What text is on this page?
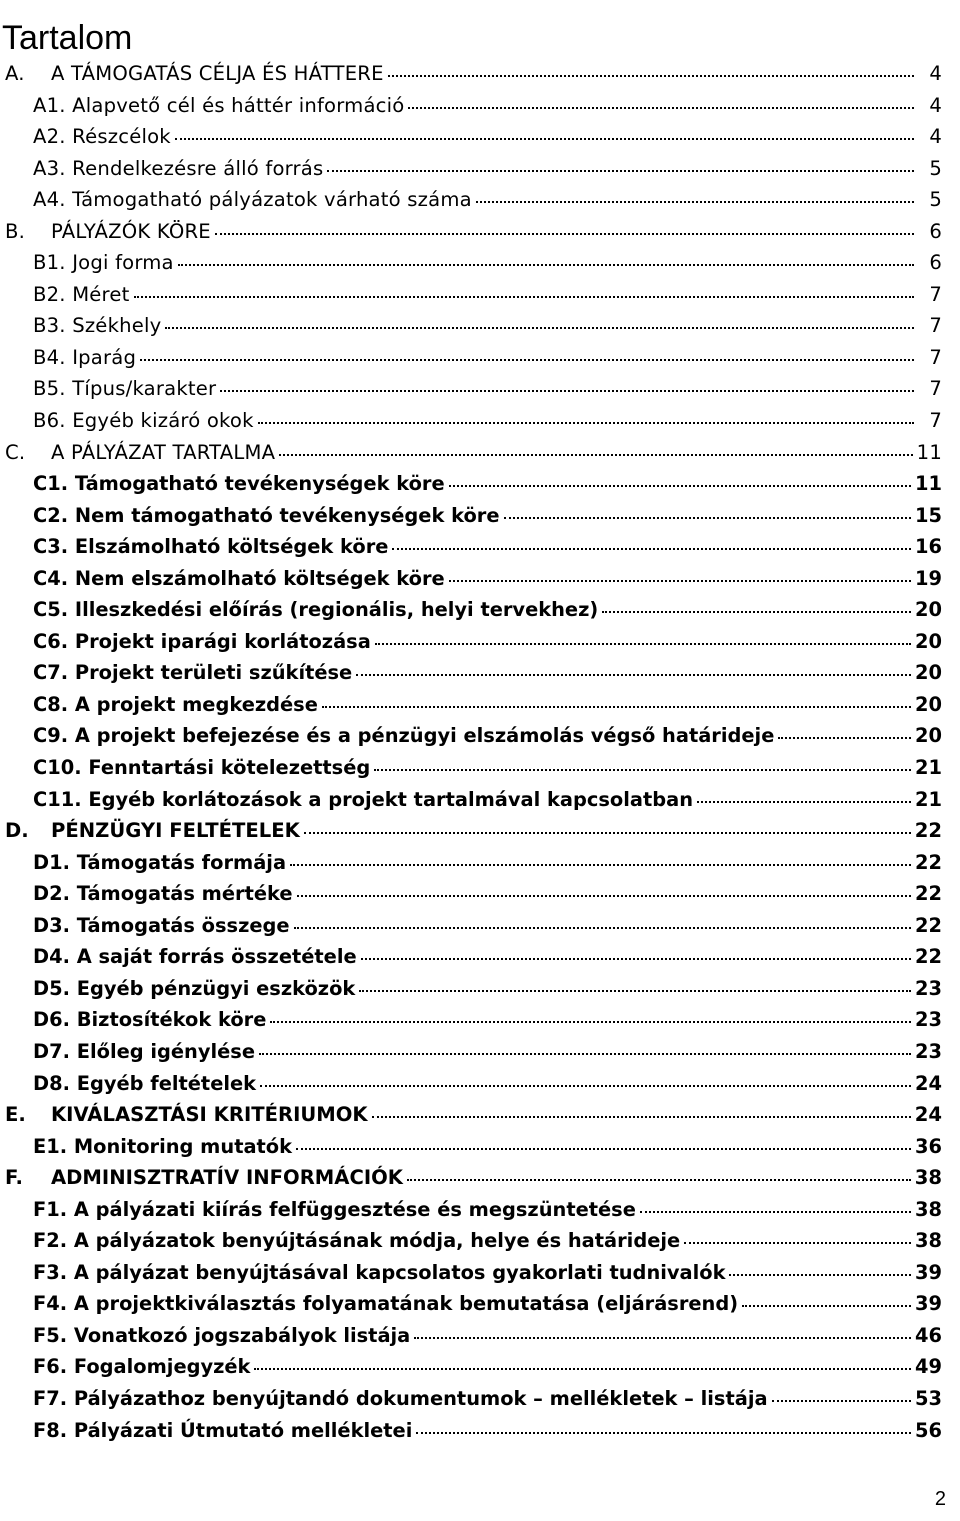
Tartalom
A.	A TÁMOGATÁS CÉLJA ÉS HÁTTERE	4
A1. Alapvető cél és háttér információ	4
A2. Részcélok	4
A3. Rendelkezésre álló forrás	5
A4. Támogatható pályázatok várható száma	5
B.	PÁLYÁZÓK KÖRE	6
B1. Jogi forma	6
B2. Méret	7
B3. Székhely	7
B4. Iparág	7
B5. Típus/karakter	7
B6. Egyéb kizáró okok	7
C.	A PÁLYÁZAT TARTALMA	11
C1. Támogatható tevékenységek köre	11
C2. Nem támogatható tevékenységek köre	15
C3. Elszámolható költségek köre	16
C4. Nem elszámolható költségek köre	19
C5. Illeszkedési előírás (regionális, helyi tervekhez)	20
C6. Projekt iparági korlátozása	20
C7. Projekt területi szűkítése	20
C8. A projekt megkezdése	20
C9. A projekt befejezése és a pénzügyi elszámolás végső határideje	20
C10. Fenntartási kötelezettség	21
C11. Egyéb korlátozások a projekt tartalmával kapcsolatban	21
D.	PÉNZÜGYI FELTÉTELEK	22
D1. Támogatás formája	22
D2. Támogatás mértéke	22
D3. Támogatás összege	22
D4. A saját forrás összetétele	22
D5. Egyéb pénzügyi eszközök	23
D6. Biztosítékok köre	23
D7. Előleg igénylése	23
D8. Egyéb feltételek	24
E.	KIVÁLASZTÁSI KRITÉRIUMOK	24
E1. Monitoring mutatók	36
F.	ADMINISZTRATÍV INFORMÁCIÓK	38
F1. A pályázati kiírás felfüggesztése és megszüntetése	38
F2. A pályázatok benyújtásának módja, helye és határideje	38
F3. A pályázat benyújtásával kapcsolatos gyakorlati tudnivalók	39
F4. A projektkiválasztás folyamatának bemutatása (eljárásrend)	39
F5. Vonatkozó jogszabályok listája	46
F6. Fogalomjegyzék	49
F7. Pályázathoz benyújtandó dokumentumok – mellékletek – listája	53
F8. Pályázati Útmutató mellékletei	56
2
